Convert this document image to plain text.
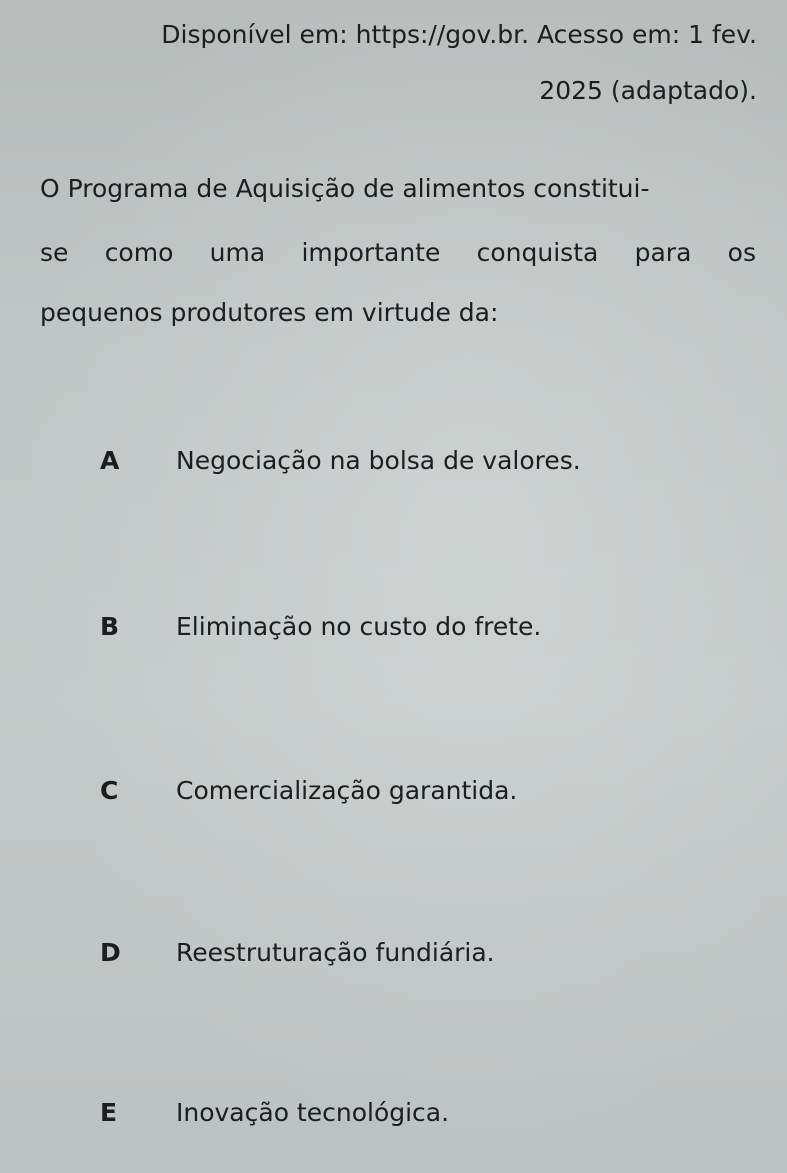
Disponível em: https://gov.br. Acesso em: 1 fev.
2025 (adaptado).
O Programa de Aquisição de alimentos constitui-
se como uma importante conquista para os
pequenos produtores em virtude da:
A Negociação na bolsa de valores.
B Eliminação no custo do frete.
C Comercialização garantida.
D Reestruturação fundiária.
E Inovação tecnológica.
